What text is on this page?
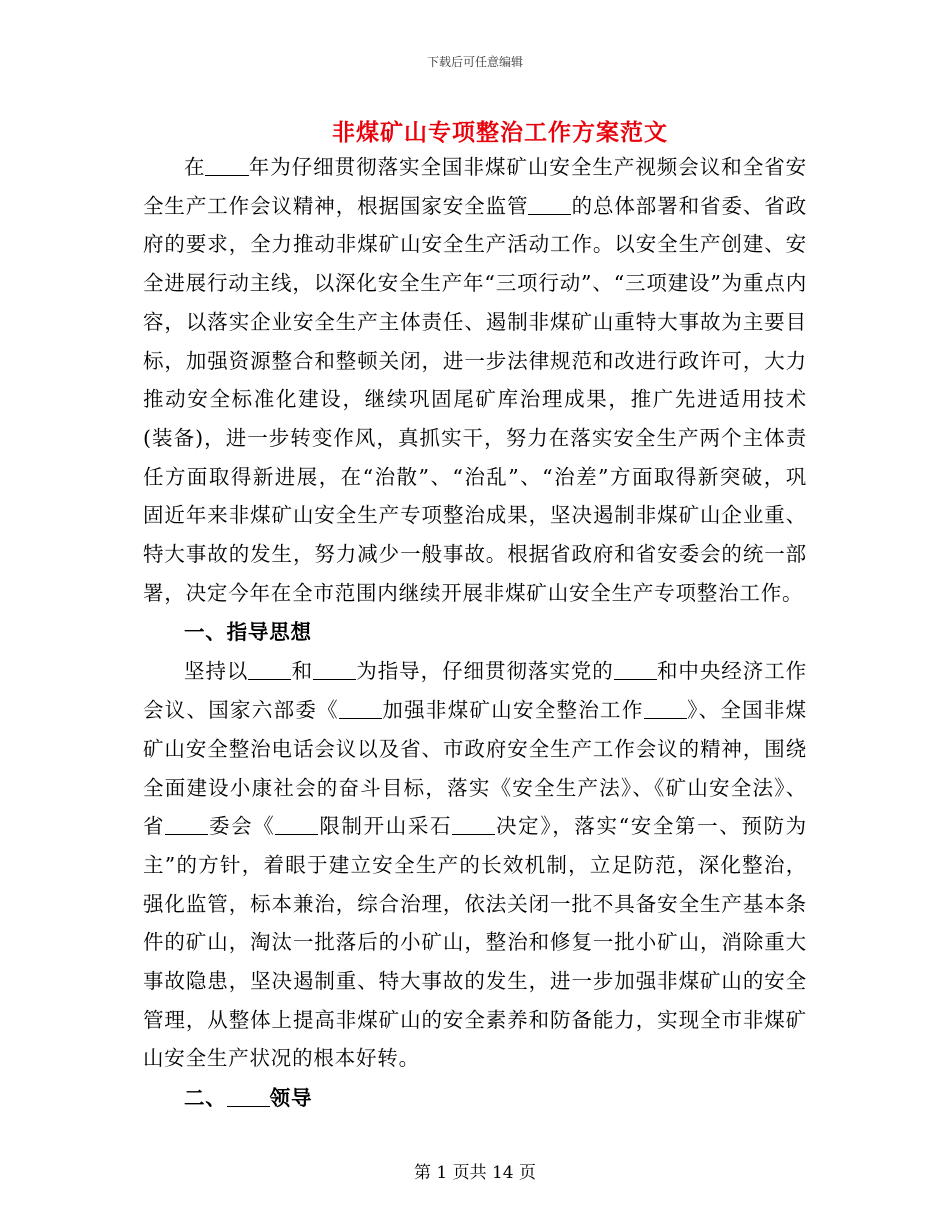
下载后可任意编辑
非煤矿山专项整治工作方案范文

在 年为仔细贯彻落实全国非煤矿山安全生产视频会议和全省安全生产工作会议精神，根据国家安全监管 的总体部署和省委、省政府的要求，全力推动非煤矿山安全生产活动工作。以安全生产创建、安全进展行动主线，以深化安全生产年“三项行动”、“三项建设”为重点内容，以落实企业安全生产主体责任、遏制非煤矿山重特大事故为主要目标，加强资源整合和整顿关闭，进一步法律规范和改进行政许可，大力推动安全标准化建设，继续巩固尾矿库治理成果，推广先进适用技术(装备)，进一步转变作风，真抓实干，努力在落实安全生产两个主体责任方面取得新进展，在“治散”、“治乱”、“治差”方面取得新突破，巩固近年来非煤矿山安全生产专项整治成果，坚决遏制非煤矿山企业重、特大事故的发生，努力减少一般事故。根据省政府和省安委会的统一部署，决定今年在全市范围内继续开展非煤矿山安全生产专项整治工作。

一、指导思想

坚持以 和 为指导，仔细贯彻落实党的 和中央经济工作会议、国家六部委《 加强非煤矿山安全整治工作 》、全国非煤矿山安全整治电话会议以及省、市政府安全生产工作会议的精神，围绕全面建设小康社会的奋斗目标，落实《安全生产法》、《矿山安全法》、省 委会《 限制开山采石 决定》，落实“安全第一、预防为主”的方针，着眼于建立安全生产的长效机制，立足防范，深化整治，强化监管，标本兼治，综合治理，依法关闭一批不具备安全生产基本条件的矿山，淘汰一批落后的小矿山，整治和修复一批小矿山，消除重大事故隐患，坚决遏制重、特大事故的发生，进一步加强非煤矿山的安全管理，从整体上提高非煤矿山的安全素养和防备能力，实现全市非煤矿山安全生产状况的根本好转。

二、 领导

第 1 页共 14 页
